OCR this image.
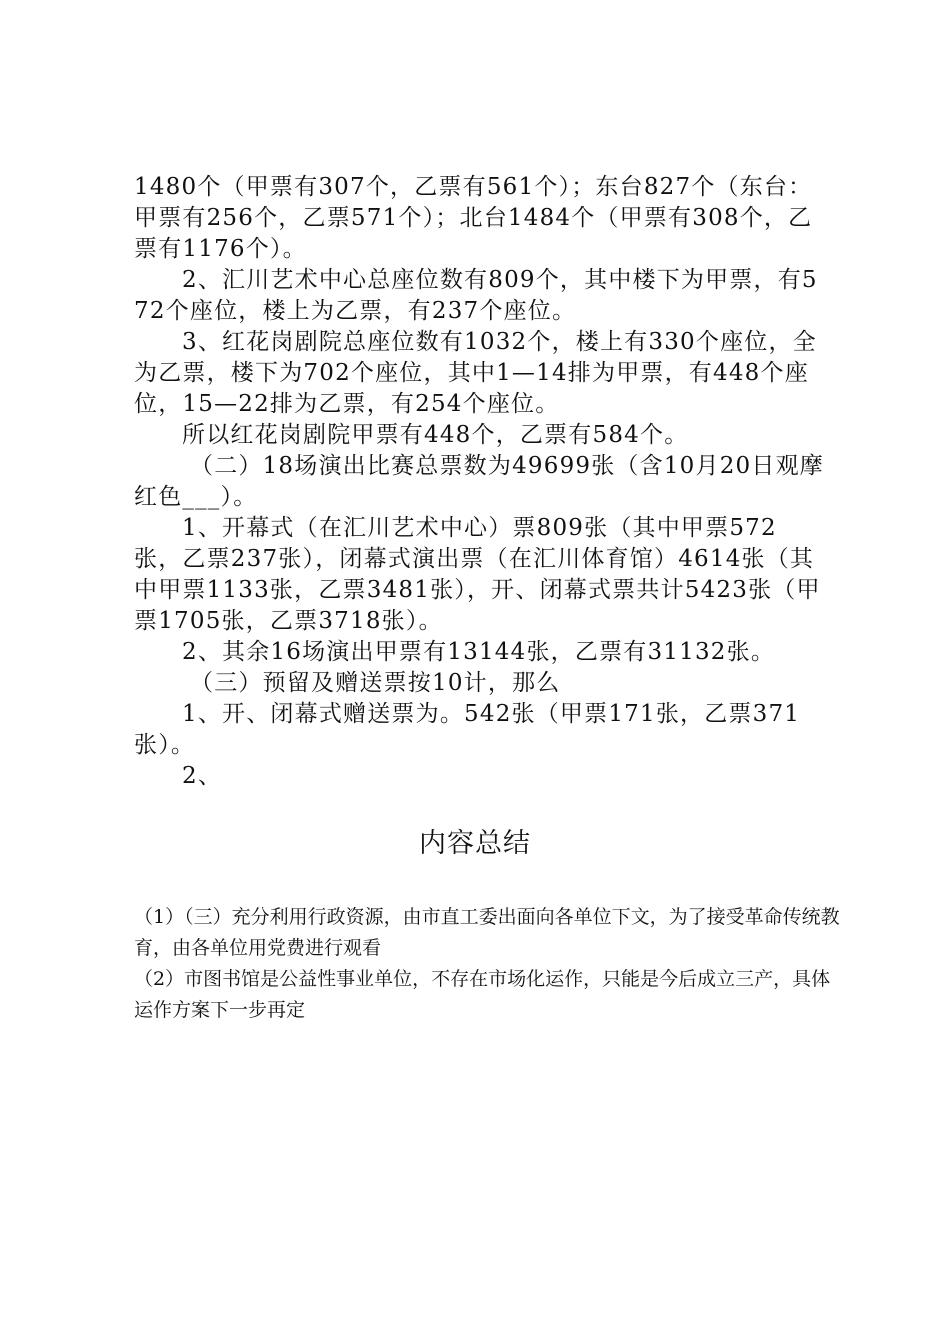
1480个（甲票有307个，乙票有561个）；东台827个（东台：甲票有256个，乙票571个）；北台1484个（甲票有308个，乙票有1176个）。

2、汇川艺术中心总座位数有809个，其中楼下为甲票，有572个座位，楼上为乙票，有237个座位。

3、红花岗剧院总座位数有1032个，楼上有330个座位，全为乙票，楼下为702个座位，其中1—14排为甲票，有448个座位，15—22排为乙票，有254个座位。

所以红花岗剧院甲票有448个，乙票有584个。

（二）18场演出比赛总票数为49699张（含10月20日观摩红色___）。

1、开幕式（在汇川艺术中心）票809张（其中甲票572张，乙票237张），闭幕式演出票（在汇川体育馆）4614张（其中甲票1133张，乙票3481张），开、闭幕式票共计5423张（甲票1705张，乙票3718张）。

2、其余16场演出甲票有13144张，乙票有31132张。

（三）预留及赠送票按10计，那么

1、开、闭幕式赠送票为。542张（甲票171张，乙票371张）。

2、

内容总结

（1）（三）充分利用行政资源，由市直工委出面向各单位下文，为了接受革命传统教育，由各单位用党费进行观看

（2）市图书馆是公益性事业单位，不存在市场化运作，只能是今后成立三产，具体运作方案下一步再定
